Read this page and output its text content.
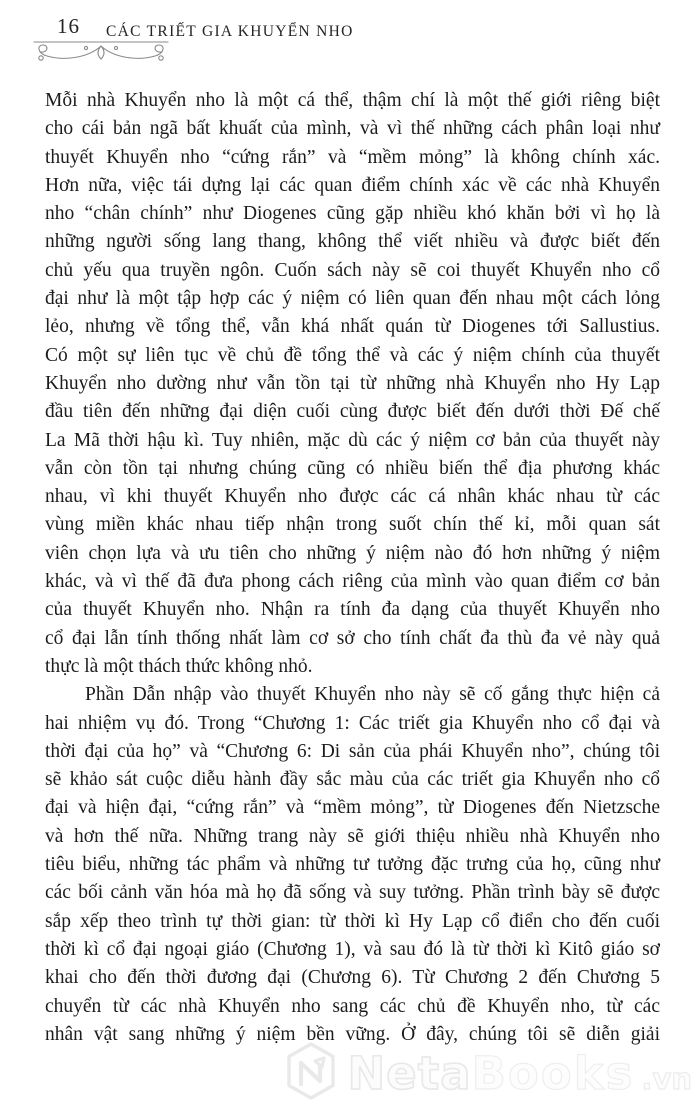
16 CÁC TRIẾT GIA KHUYỂN NHO
Mỗi nhà Khuyển nho là một cá thể, thậm chí là một thế giới riêng biệt
cho cái bản ngã bất khuất của mình, và vì thế những cách phân loại như
thuyết Khuyển nho “cứng rắn” và “mềm mỏng” là không chính xác.
Hơn nữa, việc tái dựng lại các quan điểm chính xác về các nhà Khuyển
nho “chân chính” như Diogenes cũng gặp nhiều khó khăn bởi vì họ là
những người sống lang thang, không thể viết nhiều và được biết đến
chủ yếu qua truyền ngôn. Cuốn sách này sẽ coi thuyết Khuyển nho cổ
đại như là một tập hợp các ý niệm có liên quan đến nhau một cách lỏng
lẻo, nhưng về tổng thể, vẫn khá nhất quán từ Diogenes tới Sallustius.
Có một sự liên tục về chủ đề tổng thể và các ý niệm chính của thuyết
Khuyển nho dường như vẫn tồn tại từ những nhà Khuyển nho Hy Lạp
đầu tiên đến những đại diện cuối cùng được biết đến dưới thời Đế chế
La Mã thời hậu kì. Tuy nhiên, mặc dù các ý niệm cơ bản của thuyết này
vẫn còn tồn tại nhưng chúng cũng có nhiều biến thể địa phương khác
nhau, vì khi thuyết Khuyển nho được các cá nhân khác nhau từ các
vùng miền khác nhau tiếp nhận trong suốt chín thế kỉ, mỗi quan sát
viên chọn lựa và ưu tiên cho những ý niệm nào đó hơn những ý niệm
khác, và vì thế đã đưa phong cách riêng của mình vào quan điểm cơ bản
của thuyết Khuyển nho. Nhận ra tính đa dạng của thuyết Khuyển nho
cổ đại lẫn tính thống nhất làm cơ sở cho tính chất đa thù đa vẻ này quả
thực là một thách thức không nhỏ.
Phần Dẫn nhập vào thuyết Khuyển nho này sẽ cố gắng thực hiện cả
hai nhiệm vụ đó. Trong “Chương 1: Các triết gia Khuyển nho cổ đại và
thời đại của họ” và “Chương 6: Di sản của phái Khuyển nho”, chúng tôi
sẽ khảo sát cuộc diễu hành đầy sắc màu của các triết gia Khuyển nho cổ
đại và hiện đại, “cứng rắn” và “mềm mỏng”, từ Diogenes đến Nietzsche
và hơn thế nữa. Những trang này sẽ giới thiệu nhiều nhà Khuyển nho
tiêu biểu, những tác phẩm và những tư tưởng đặc trưng của họ, cũng như
các bối cảnh văn hóa mà họ đã sống và suy tưởng. Phần trình bày sẽ được
sắp xếp theo trình tự thời gian: từ thời kì Hy Lạp cổ điển cho đến cuối
thời kì cổ đại ngoại giáo (Chương 1), và sau đó là từ thời kì Kitô giáo sơ
khai cho đến thời đương đại (Chương 6). Từ Chương 2 đến Chương 5
chuyển từ các nhà Khuyển nho sang các chủ đề Khuyển nho, từ các
nhân vật sang những ý niệm bền vững. Ở đây, chúng tôi sẽ diễn giải
Neta Books .vn
